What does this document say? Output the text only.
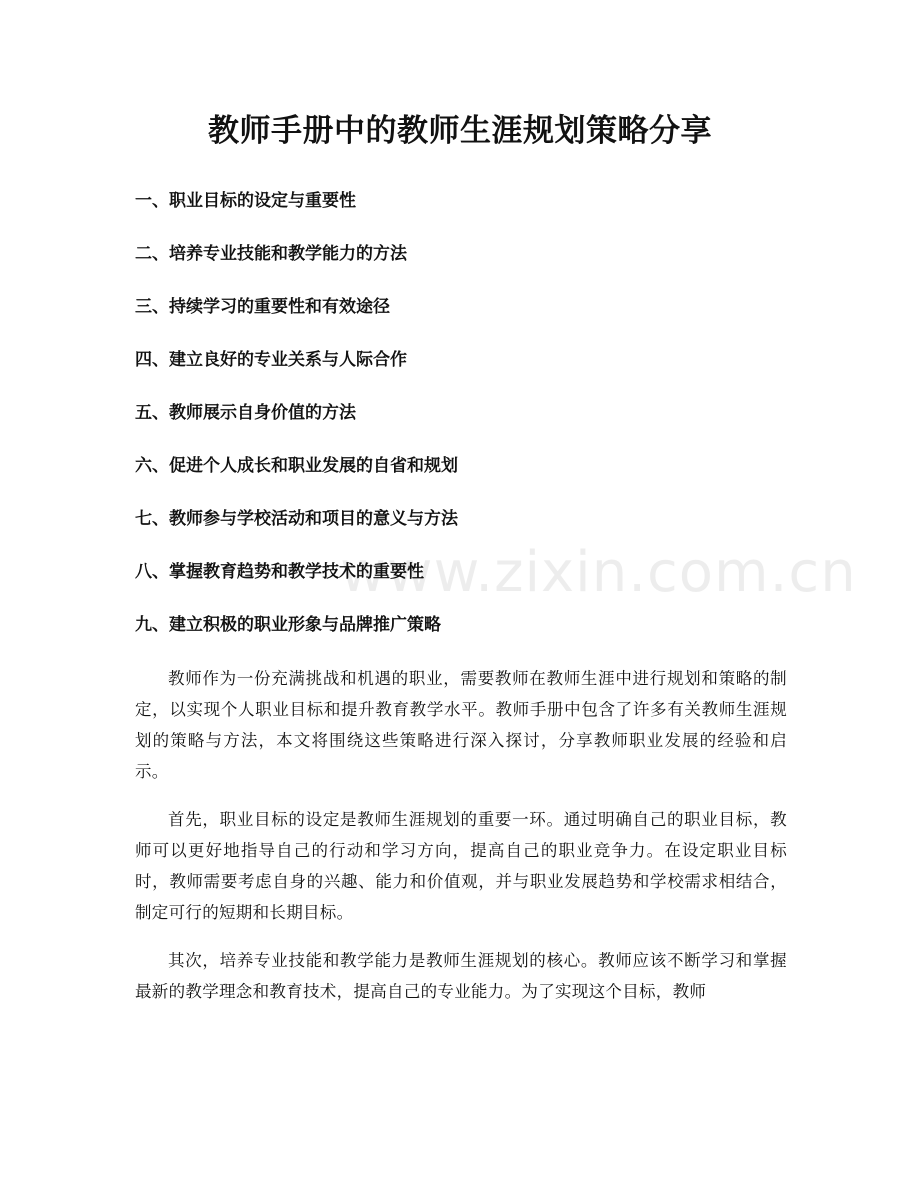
教师手册中的教师生涯规划策略分享
一、职业目标的设定与重要性
二、培养专业技能和教学能力的方法
三、持续学习的重要性和有效途径
四、建立良好的专业关系与人际合作
五、教师展示自身价值的方法
六、促进个人成长和职业发展的自省和规划
七、教师参与学校活动和项目的意义与方法
八、掌握教育趋势和教学技术的重要性
九、建立积极的职业形象与品牌推广策略

教师作为一份充满挑战和机遇的职业，需要教师在教师生涯中进行规划和策略的制定，以实现个人职业目标和提升教育教学水平。教师手册中包含了许多有关教师生涯规划的策略与方法，本文将围绕这些策略进行深入探讨，分享教师职业发展的经验和启示。

首先，职业目标的设定是教师生涯规划的重要一环。通过明确自己的职业目标，教师可以更好地指导自己的行动和学习方向，提高自己的职业竞争力。在设定职业目标时，教师需要考虑自身的兴趣、能力和价值观，并与职业发展趋势和学校需求相结合，制定可行的短期和长期目标。

其次，培养专业技能和教学能力是教师生涯规划的核心。教师应该不断学习和掌握最新的教学理念和教育技术，提高自己的专业能力。为了实现这个目标，教师

www.zixin.com.cn
